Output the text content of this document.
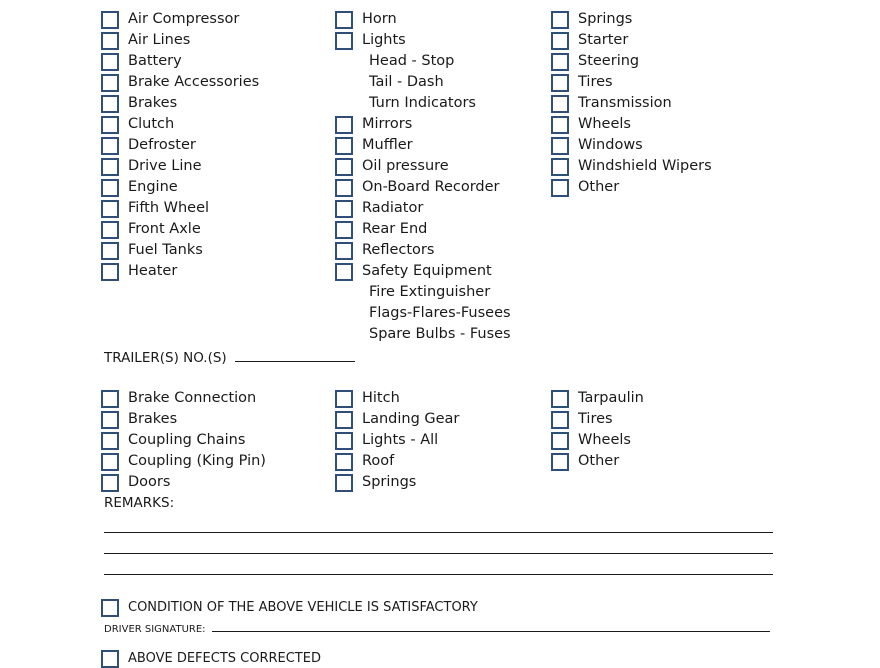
Air Compressor
Air Lines
Battery
Brake Accessories
Brakes
Clutch
Defroster
Drive Line
Engine
Fifth Wheel
Front Axle
Fuel Tanks
Heater
Horn
Lights
Head - Stop
Tail - Dash
Turn Indicators
Mirrors
Muffler
Oil pressure
On-Board Recorder
Radiator
Rear End
Reflectors
Safety Equipment
Fire Extinguisher
Flags-Flares-Fusees
Spare Bulbs - Fuses
Springs
Starter
Steering
Tires
Transmission
Wheels
Windows
Windshield Wipers
Other
TRAILER(S) NO.(S)
Brake Connection
Brakes
Coupling Chains
Coupling (King Pin)
Doors
Hitch
Landing Gear
Lights - All
Roof
Springs
Tarpaulin
Tires
Wheels
Other
REMARKS:
CONDITION OF THE ABOVE VEHICLE IS SATISFACTORY
DRIVER SIGNATURE:
ABOVE DEFECTS CORRECTED
